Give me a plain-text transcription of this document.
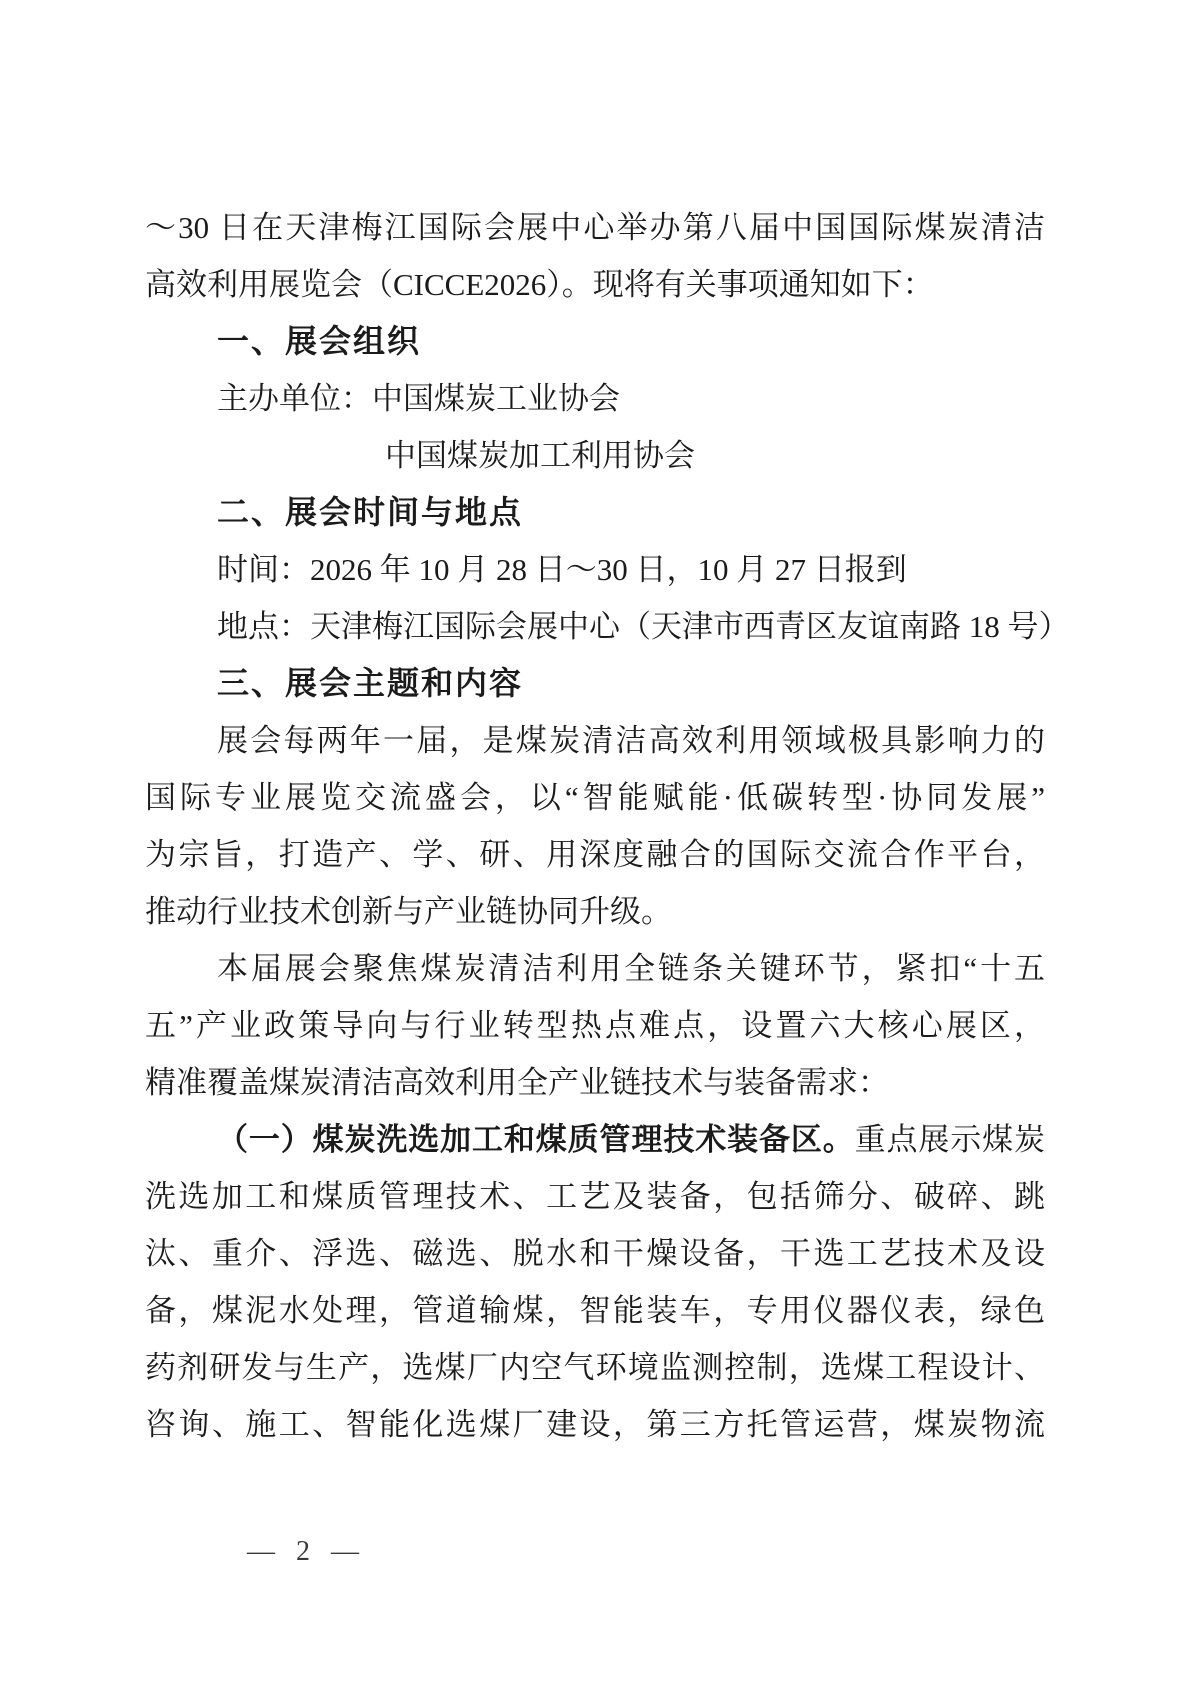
～30 日在天津梅江国际会展中心举办第八届中国国际煤炭清洁
高效利用展览会（CICCE2026）。现将有关事项通知如下：
一、展会组织
主办单位：中国煤炭工业协会
中国煤炭加工利用协会
二、展会时间与地点
时间：2026 年 10 月 28 日～30 日，10 月 27 日报到
地点：天津梅江国际会展中心（天津市西青区友谊南路 18 号）
三、展会主题和内容
展会每两年一届，是煤炭清洁高效利用领域极具影响力的
国际专业展览交流盛会，以“智能赋能·低碳转型·协同发展”
为宗旨，打造产、学、研、用深度融合的国际交流合作平台，
推动行业技术创新与产业链协同升级。
本届展会聚焦煤炭清洁利用全链条关键环节，紧扣“十五
五”产业政策导向与行业转型热点难点，设置六大核心展区，
精准覆盖煤炭清洁高效利用全产业链技术与装备需求：
（一）煤炭洗选加工和煤质管理技术装备区。重点展示煤炭
洗选加工和煤质管理技术、工艺及装备，包括筛分、破碎、跳
汰、重介、浮选、磁选、脱水和干燥设备，干选工艺技术及设
备，煤泥水处理，管道输煤，智能装车，专用仪器仪表，绿色
药剂研发与生产，选煤厂内空气环境监测控制，选煤工程设计、
咨询、施工、智能化选煤厂建设，第三方托管运营，煤炭物流

— 2 —
